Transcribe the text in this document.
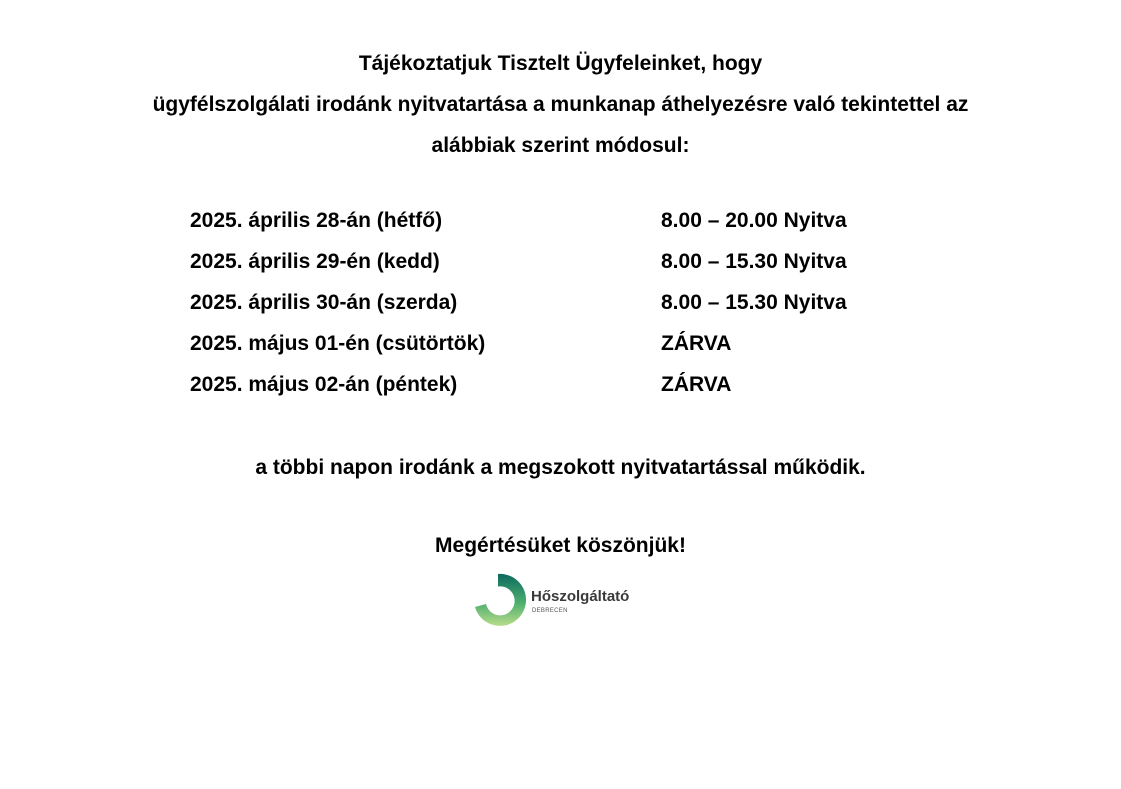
Tájékoztatjuk Tisztelt Ügyfeleinket, hogy
ügyfélszolgálati irodánk nyitvatartása a munkanap áthelyezésre való tekintettel az
alábbiak szerint módosul:
2025. április 28-án (hétfő)	8.00 – 20.00 Nyitva
2025. április 29-én (kedd)	8.00 – 15.30 Nyitva
2025. április 30-án (szerda)	8.00 – 15.30 Nyitva
2025. május 01-én (csütörtök)	ZÁRVA
2025. május 02-án (péntek)	ZÁRVA
a többi napon irodánk a megszokott nyitvatartással működik.
Megértésüket köszönjük!
Hőszolgáltató
DEBRECEN
